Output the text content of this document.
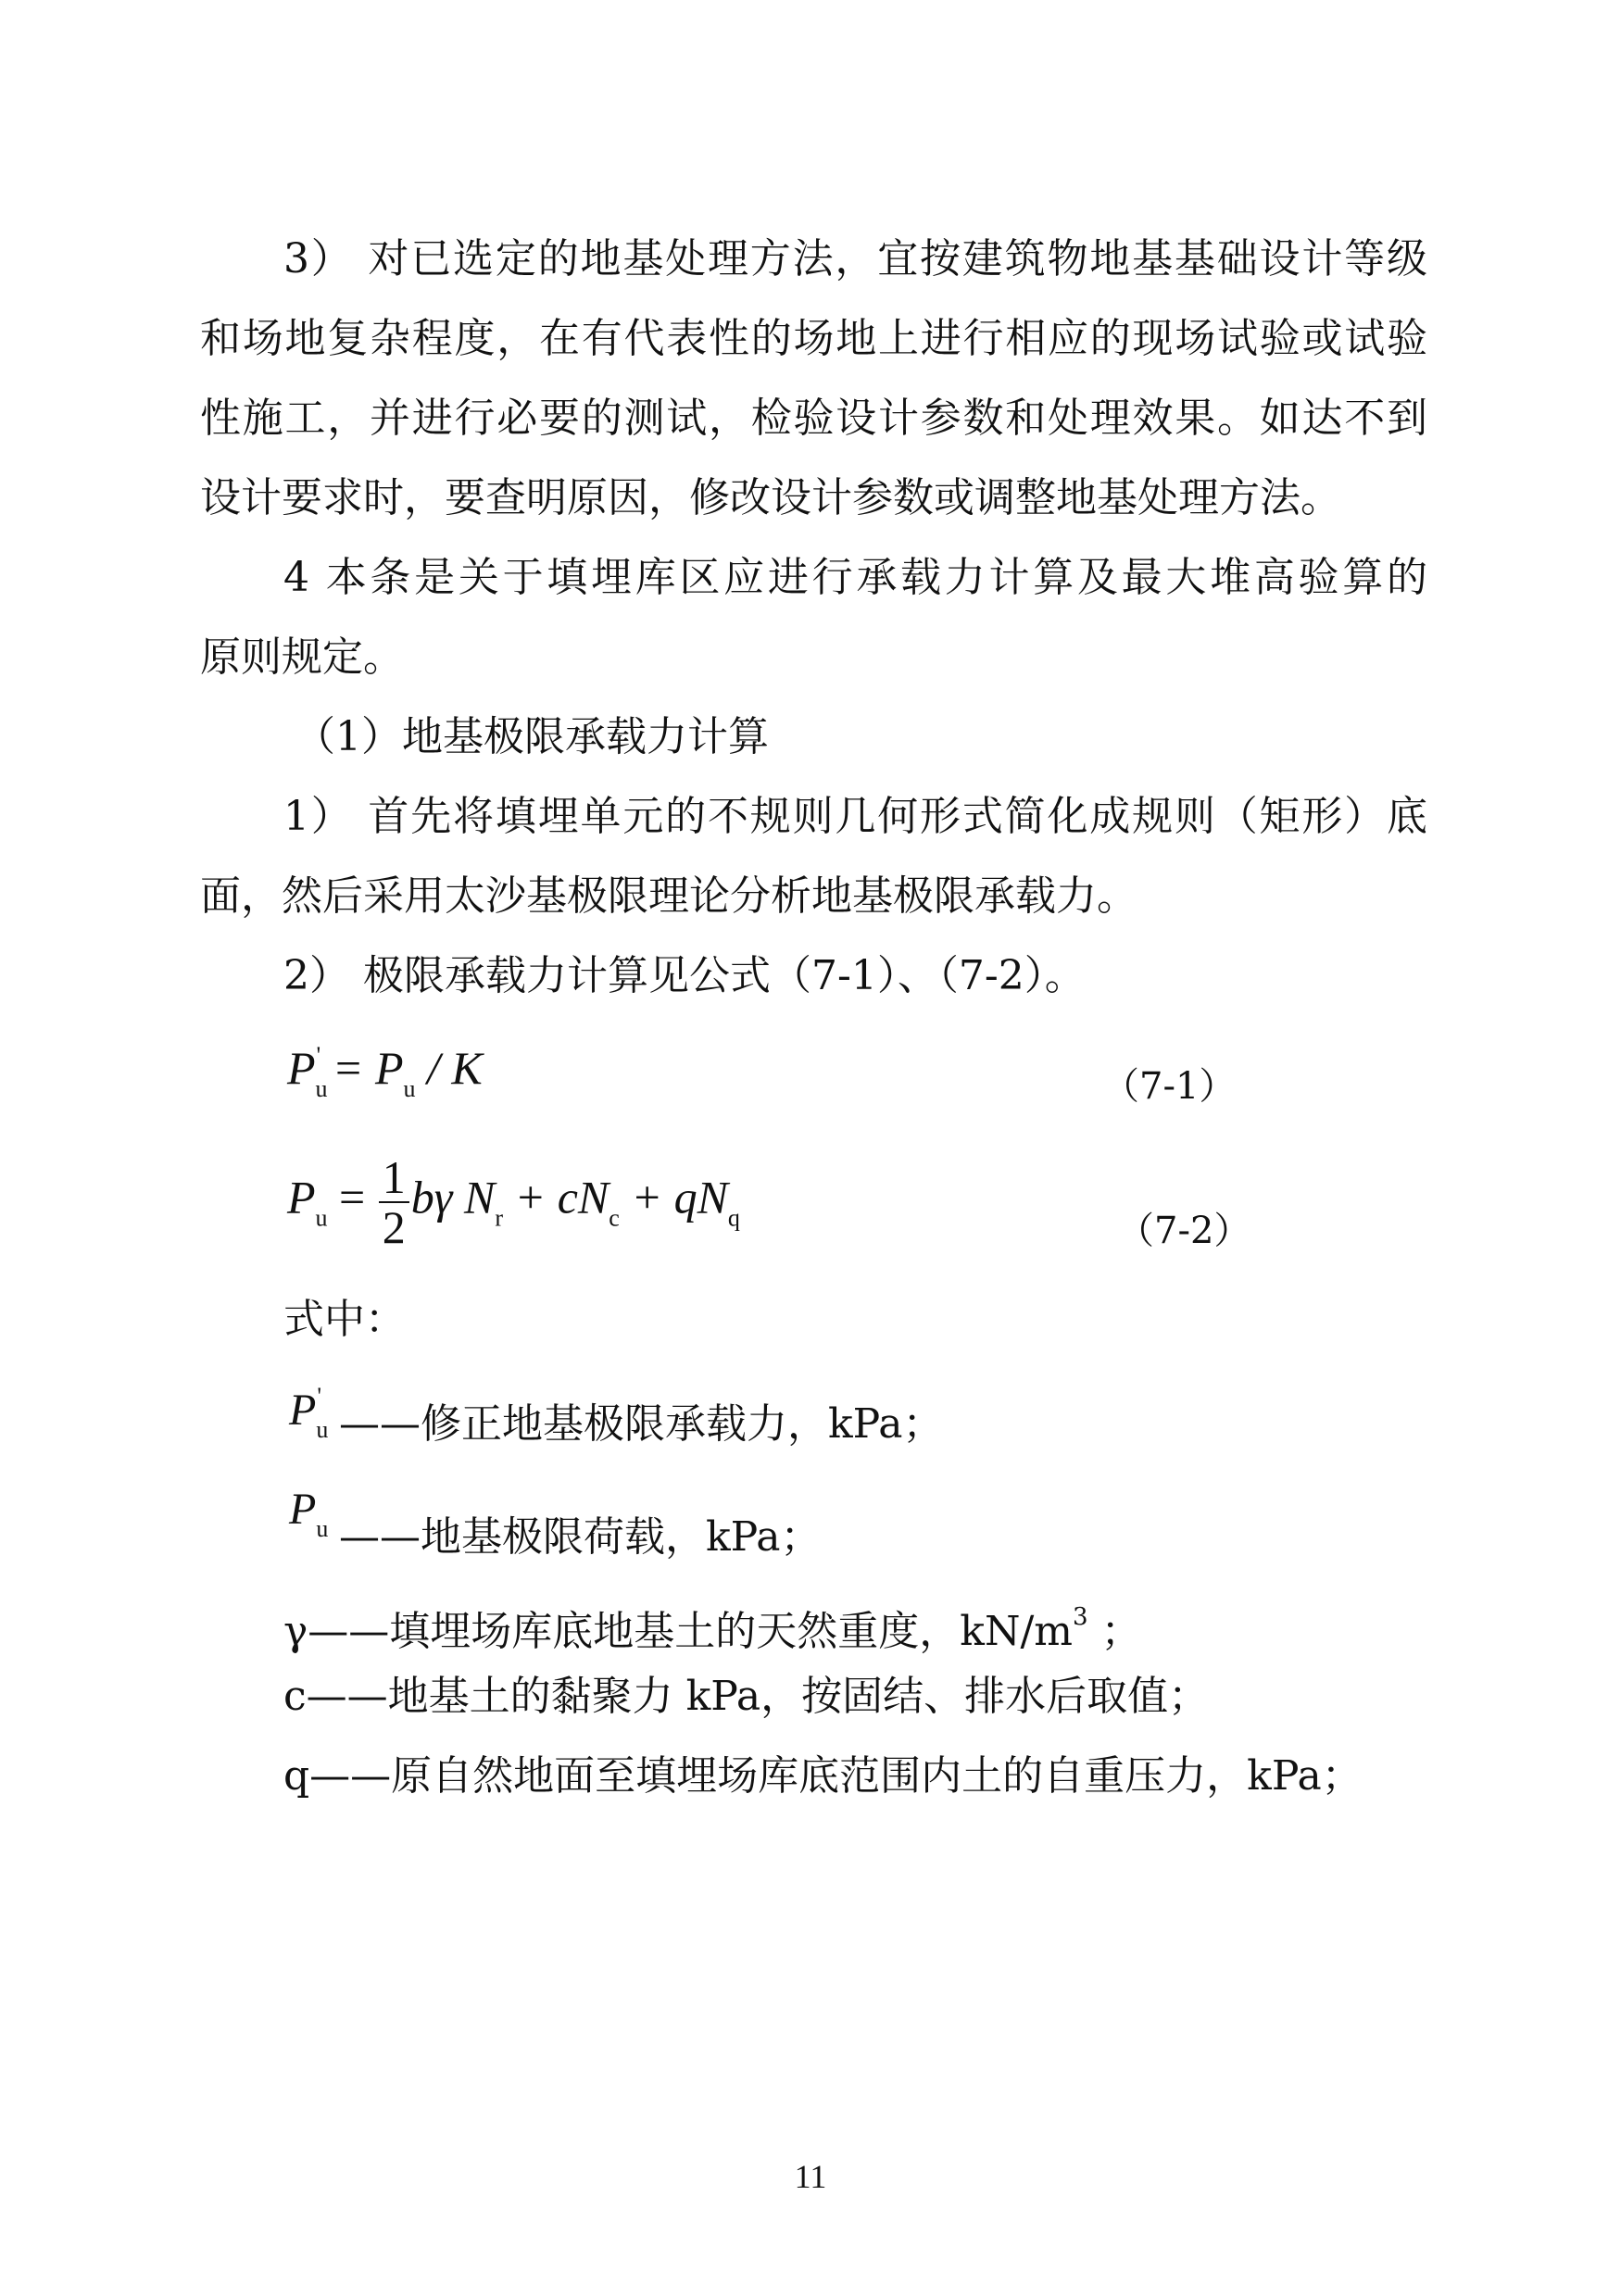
3） 对已选定的地基处理方法，宜按建筑物地基基础设计等级
和场地复杂程度，在有代表性的场地上进行相应的现场试验或试验
性施工，并进行必要的测试，检验设计参数和处理效果。如达不到
设计要求时，要查明原因，修改设计参数或调整地基处理方法。
4 本条是关于填埋库区应进行承载力计算及最大堆高验算的
原则规定。
（1）地基极限承载力计算
1） 首先将填埋单元的不规则几何形式简化成规则（矩形）底
面，然后采用太沙基极限理论分析地基极限承载力。
2） 极限承载力计算见公式（7-1）、（7-2）。
$P_u' = P_u / K$	（7-1）
$P_u = \frac{1}{2}$ bγ $N_r + cN_c + qN_q$	（7-2）
式中：
$P_u'$
——修正地基极限承载力，kPa；
$P_u$ ——地基极限荷载，kPa；
γ——填埋场库底地基土的天然重度，$kN/m^3$ ；
c——地基土的黏聚力 kPa，按固结、排水后取值；
q——原自然地面至填埋场库底范围内土的自重压力，kPa；
11
